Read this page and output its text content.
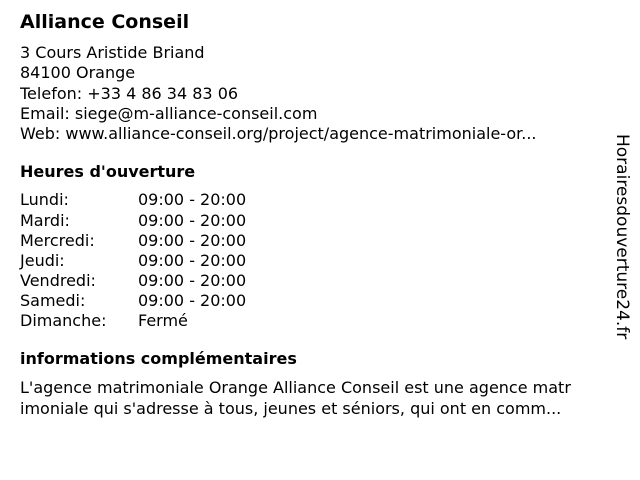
Alliance Conseil
3 Cours Aristide Briand
84100 Orange
Telefon: +33 4 86 34 83 06
Email: siege@m-alliance-conseil.com
Web: www.alliance-conseil.org/project/agence-matrimoniale-or...
Heures d'ouverture
Lundi:	09:00 - 20:00
Mardi:	09:00 - 20:00
Mercredi:	09:00 - 20:00
Jeudi:	09:00 - 20:00
Vendredi:	09:00 - 20:00
Samedi:	09:00 - 20:00
Dimanche: Fermé
informations complémentaires
L'agence matrimoniale Orange Alliance Conseil est une agence matr
imoniale qui s'adresse à tous, jeunes et séniors, qui ont en comm...
Horairesdouverture24.fr
